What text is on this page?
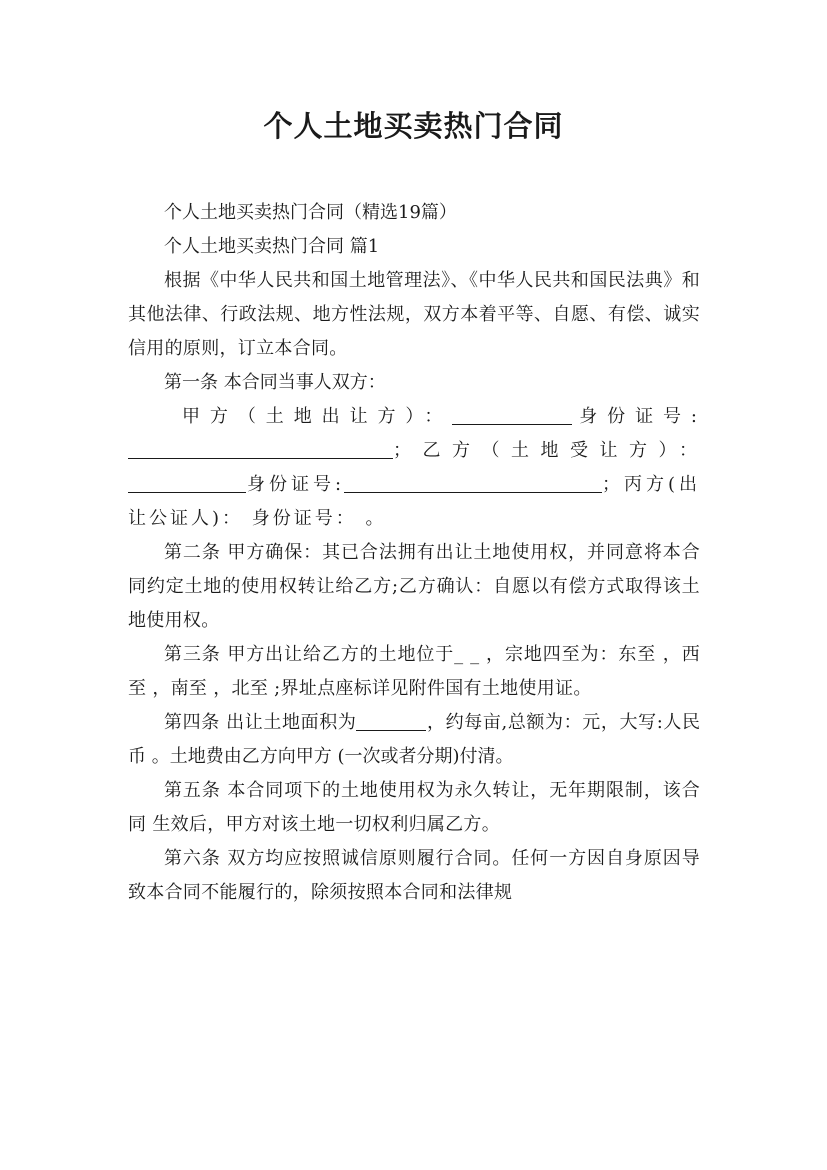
个人土地买卖热门合同

个人土地买卖热门合同（精选19篇）

个人土地买卖热门合同 篇1

根据《中华人民共和国土地管理法》、《中华人民共和国民法典》和其他法律、行政法规、地方性法规，双方本着平等、自愿、有偿、诚实信用的原则，订立本合同。

第一条 本合同当事人双方：

甲方（土地出让方）：	身份证号:；乙方（土地受让方）：身份证号:	；丙方(出让公证人)： 身份证号： 。

第二条 甲方确保：其已合法拥有出让土地使用权，并同意将本合同约定土地的使用权转让给乙方;乙方确认：自愿以有偿方式取得该土地使用权。

第三条 甲方出让给乙方的土地位于_ _ ，宗地四至为：东至 ，西至 ，南至 ，北至 ;界址点座标详见附件国有土地使用证。

第四条 出让土地面积为	，约每亩,总额为：元，大写:人民币 。土地费由乙方向甲方 (一次或者分期)付清。

第五条 本合同项下的土地使用权为永久转让，无年期限制，该合同 生效后，甲方对该土地一切权利归属乙方。

第六条 双方均应按照诚信原则履行合同。任何一方因自身原因导致本合同不能履行的，除须按照本合同和法律规
